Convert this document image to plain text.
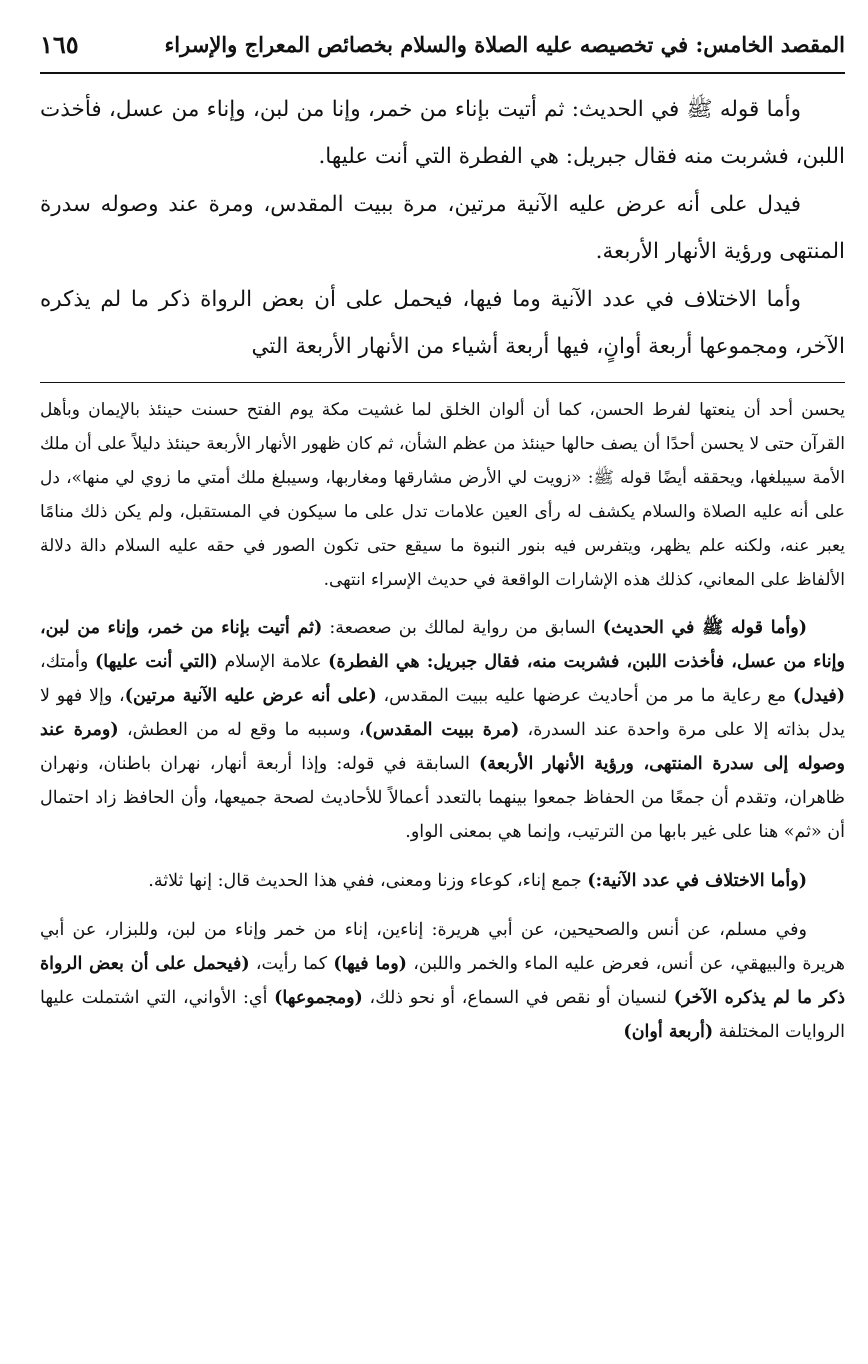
المقصد الخامس: في تخصيصه عليه الصلاة والسلام بخصائص المعراج والإسراء
١٦٥

وأما قوله ﷺ في الحديث: ثم أتيت بإناء من خمر، وإنا من لبن، وإناء من عسل، فأخذت اللبن، فشربت منه فقال جبريل: هي الفطرة التي أنت عليها.

فيدل على أنه عرض عليه الآنية مرتين، مرة ببيت المقدس، ومرة عند وصوله سدرة المنتهى ورؤية الأنهار الأربعة.

وأما الاختلاف في عدد الآنية وما فيها، فيحمل على أن بعض الرواة ذكر ما لم يذكره الآخر، ومجموعها أربعة أوانٍ، فيها أربعة أشياء من الأنهار الأربعة التي

يحسن أحد أن ينعتها لفرط الحسن، كما أن ألوان الخلق لما غشيت مكة يوم الفتح حسنت حينئذ بالإيمان وبأهل القرآن حتى لا يحسن أحدًا أن يصف حالها حينئذ من عظم الشأن، ثم كان ظهور الأنهار الأربعة حينئذ دليلاً على أن ملك الأمة سيبلغها، ويحققه أيضًا قوله ﷺ: «زويت لي الأرض مشارقها ومغاربها، وسيبلغ ملك أمتي ما زوي لي منها»، دل على أنه عليه الصلاة والسلام يكشف له رأى العين علامات تدل على ما سيكون في المستقبل، ولم يكن ذلك منامًا يعبر عنه، ولكنه علم يظهر، ويتفرس فيه بنور النبوة ما سيقع حتى تكون الصور في حقه عليه السلام دالة دلالة الألفاظ على المعاني، كذلك هذه الإشارات الواقعة في حديث الإسراء انتهى.

(وأما قوله ﷺ في الحديث) السابق من رواية لمالك بن صعصعة: (ثم أتيت بإناء من خمر، وإناء من لبن، وإناء من عسل، فأخذت اللبن، فشربت منه، فقال جبريل: هي الفطرة) علامة الإسلام (التي أنت عليها) وأمتك، (فيدل) مع رعاية ما مر من أحاديث عرضها عليه ببيت المقدس، (على أنه عرض عليه الآنية مرتين)، وإلا فهو لا يدل بذاته إلا على مرة واحدة عند السدرة، (مرة ببيت المقدس)، وسببه ما وقع له من العطش، (ومرة عند وصوله إلى سدرة المنتهى، ورؤية الأنهار الأربعة) السابقة في قوله: وإذا أربعة أنهار، نهران باطنان، ونهران ظاهران، وتقدم أن جمعًا من الحفاظ جمعوا بينهما بالتعدد أعمالاً للأحاديث لصحة جميعها، وأن الحافظ زاد احتمال أن «ثم» هنا على غير بابها من الترتيب، وإنما هي بمعنى الواو.

(وأما الاختلاف في عدد الآنية:) جمع إناء، كوعاء وزنا ومعنى، ففي هذا الحديث قال: إنها ثلاثة.

وفي مسلم، عن أنس والصحيحين، عن أبي هريرة: إناءين، إناء من خمر وإناء من لبن، وللبزار، عن أبي هريرة والبيهقي، عن أنس، فعرض عليه الماء والخمر واللبن، (وما فيها) كما رأيت، (فيحمل على أن بعض الرواة ذكر ما لم يذكره الآخر) لنسيان أو نقص في السماع، أو نحو ذلك، (ومجموعها) أي: الأواني، التي اشتملت عليها الروايات المختلفة (أربعة أوان)
